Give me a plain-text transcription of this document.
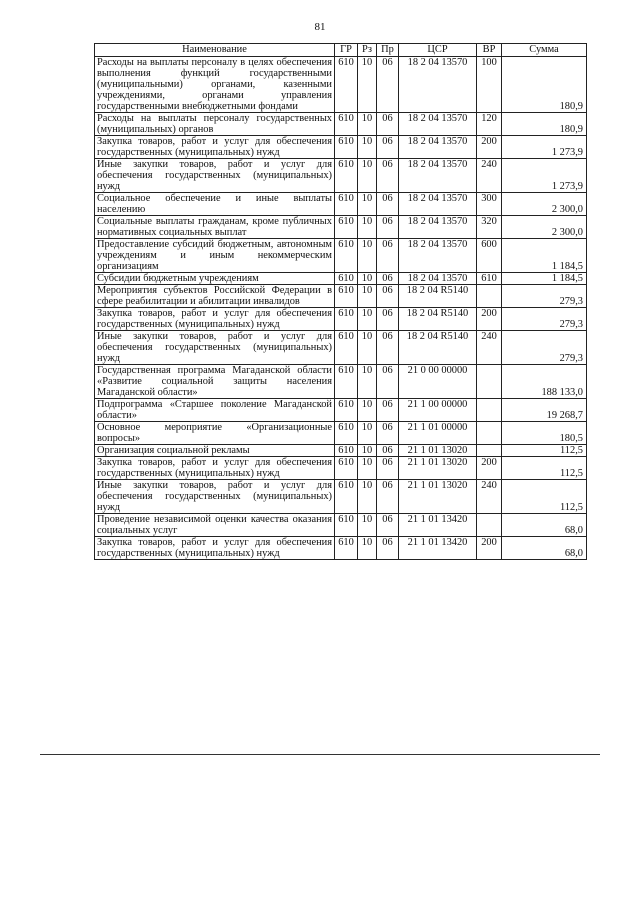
81
Наименование	ГР	Рз	Пр	ЦСР	ВР	Сумма
Расходы на выплаты персоналу в целях обеспечения выполнения функций государственными (муниципальными) органами, казенными учреждениями, органами управления государственными внебюджетными фондами	610	10	06	18 2 04 13570	100	180,9
Расходы на выплаты персоналу государственных (муниципальных) органов	610	10	06	18 2 04 13570	120	180,9
Закупка товаров, работ и услуг для обеспечения государственных (муниципальных) нужд	610	10	06	18 2 04 13570	200	1 273,9
Иные закупки товаров, работ и услуг для обеспечения государственных (муниципальных) нужд	610	10	06	18 2 04 13570	240	1 273,9
Социальное обеспечение и иные выплаты населению	610	10	06	18 2 04 13570	300	2 300,0
Социальные выплаты гражданам, кроме публичных нормативных социальных выплат	610	10	06	18 2 04 13570	320	2 300,0
Предоставление субсидий бюджетным, автономным учреждениям и иным некоммерческим организациям	610	10	06	18 2 04 13570	600	1 184,5
Субсидии бюджетным учреждениям	610	10	06	18 2 04 13570	610	1 184,5
Мероприятия субъектов Российской Федерации в сфере реабилитации и абилитации инвалидов	610	10	06	18 2 04 R5140		279,3
Закупка товаров, работ и услуг для обеспечения государственных (муниципальных) нужд	610	10	06	18 2 04 R5140	200	279,3
Иные закупки товаров, работ и услуг для обеспечения государственных (муниципальных) нужд	610	10	06	18 2 04 R5140	240	279,3
Государственная программа Магаданской области «Развитие социальной защиты населения Магаданской области»	610	10	06	21 0 00 00000		188 133,0
Подпрограмма «Старшее поколение Магаданской области»	610	10	06	21 1 00 00000		19 268,7
Основное мероприятие «Организационные вопросы»	610	10	06	21 1 01 00000		180,5
Организация социальной рекламы	610	10	06	21 1 01 13020		112,5
Закупка товаров, работ и услуг для обеспечения государственных (муниципальных) нужд	610	10	06	21 1 01 13020	200	112,5
Иные закупки товаров, работ и услуг для обеспечения государственных (муниципальных) нужд	610	10	06	21 1 01 13020	240	112,5
Проведение независимой оценки качества оказания социальных услуг	610	10	06	21 1 01 13420		68,0
Закупка товаров, работ и услуг для обеспечения государственных (муниципальных) нужд	610	10	06	21 1 01 13420	200	68,0
